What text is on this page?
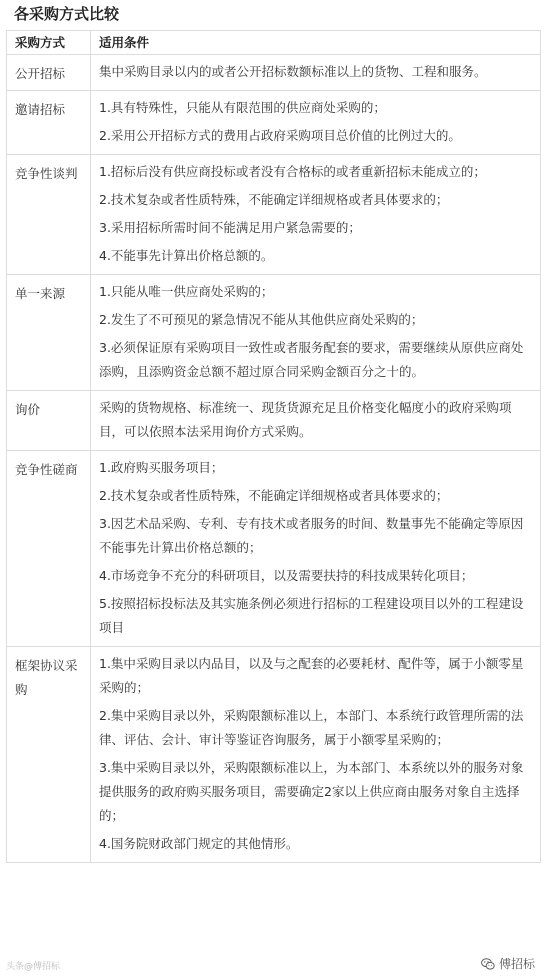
各采购方式比较
采购方式	适用条件
公开招标	集中采购目录以内的或者公开招标数额标准以上的货物、工程和服务。

邀请招标	1.具有特殊性，只能从有限范围的供应商处采购的；

2.采用公开招标方式的费用占政府采购项目总价值的比例过大的。

竞争性谈判	1.招标后没有供应商投标或者没有合格标的或者重新招标未能成立的；

2.技术复杂或者性质特殊，不能确定详细规格或者具体要求的；

3.采用招标所需时间不能满足用户紧急需要的；

4.不能事先计算出价格总额的。

单一来源	1.只能从唯一供应商处采购的；

2.发生了不可预见的紧急情况不能从其他供应商处采购的；

3.必须保证原有采购项目一致性或者服务配套的要求，需要继续从原供应商处添购，且添购资金总额不超过原合同采购金额百分之十的。

询价	采购的货物规格、标准统一、现货货源充足且价格变化幅度小的政府采购项目，可以依照本法采用询价方式采购。

竞争性磋商	1.政府购买服务项目；

2.技术复杂或者性质特殊，不能确定详细规格或者具体要求的；

3.因艺术品采购、专利、专有技术或者服务的时间、数量事先不能确定等原因不能事先计算出价格总额的；

4.市场竞争不充分的科研项目，以及需要扶持的科技成果转化项目；

5.按照招标投标法及其实施条例必须进行招标的工程建设项目以外的工程建设项目

框架协议采购	1.集中采购目录以内品目，以及与之配套的必要耗材、配件等，属于小额零星采购的；

2.集中采购目录以外，采购限额标准以上，本部门、本系统行政管理所需的法律、评估、会计、审计等鉴证咨询服务，属于小额零星采购的；

3.集中采购目录以外，采购限额标准以上，为本部门、本系统以外的服务对象提供服务的政府购买服务项目，需要确定2家以上供应商由服务对象自主选择的；

4.国务院财政部门规定的其他情形。

头条@傅招标	傅招标
